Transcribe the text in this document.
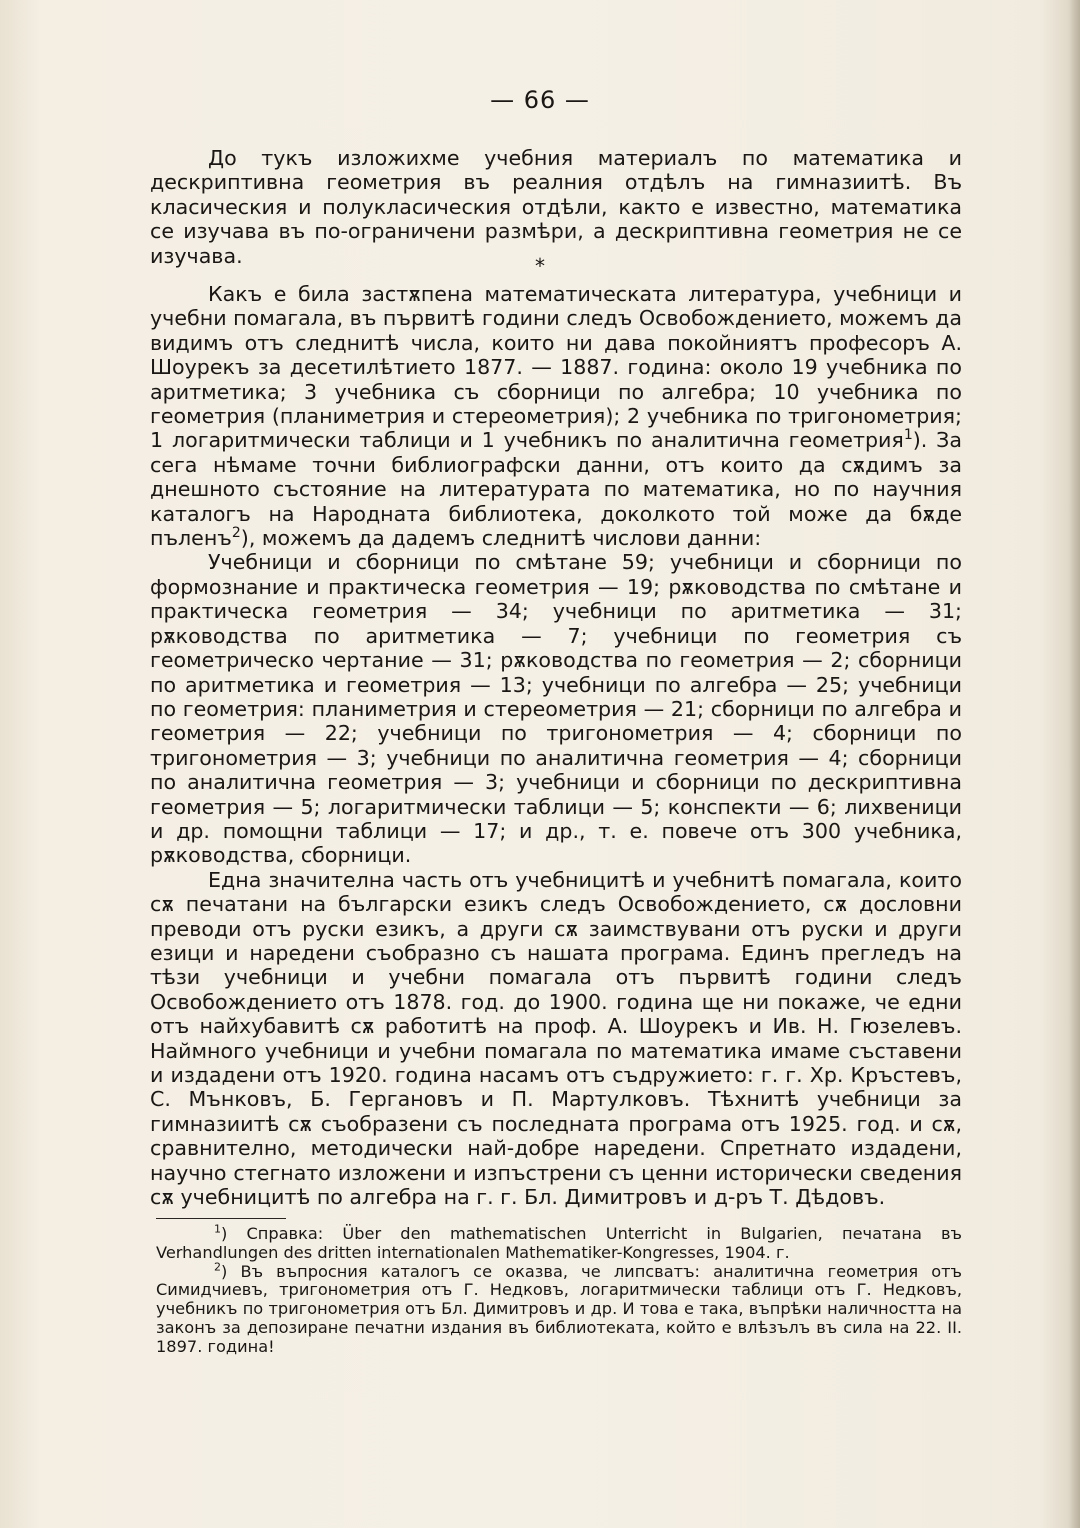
— 66 —

До тукъ изложихме учебния материалъ по математика и дескриптивна геометрия въ реалния отдѣлъ на гимназиитѣ. Въ класическия и полукласическия отдѣли, както е известно, математика се изучава въ по-ограничени размѣри, а дескриптивна геометрия не се изучава.	*

Какъ е била застѫпена математическата литература, учебници и учебни помагала, въ първитѣ години следъ Освобождението, можемъ да видимъ отъ следнитѣ числа, които ни дава покойниятъ професоръ А. Шоурекъ за десетилѣтието 1877. — 1887. година: около 19 учебника по аритметика; 3 учебника съ сборници по алгебра; 10 учебника по геометрия (планиметрия и стереометрия); 2 учебника по тригонометрия; 1 логаритмически таблици и 1 учебникъ по аналитична геометрия$^1$). За сега нѣмаме точни библиографски данни, отъ които да сѫдимъ за днешното състояние на литературата по математика, но по научния каталогъ на Народната библиотека, доколкото той може да бѫде пъленъ$^2$), можемъ да дадемъ следнитѣ числови данни:

Учебници и сборници по смѣтане 59; учебници и сборници по формознание и практическа геометрия — 19; рѫководства по смѣтане и практическа геометрия — 34; учебници по аритметика — 31; рѫководства по аритметика — 7; учебници по геометрия съ геометрическо чертание — 31; рѫководства по геометрия — 2; сборници по аритметика и геометрия — 13; учебници по алгебра — 25; учебници по геометрия: планиметрия и стереометрия — 21; сборници по алгебра и геометрия — 22; учебници по тригонометрия — 4; сборници по тригонометрия — 3; учебници по аналитична геометрия — 4; сборници по аналитична геометрия — 3; учебници и сборници по дескриптивна геометрия — 5; логаритмически таблици — 5; конспекти — 6; лихвеници и др. помощни таблици — 17; и др., т. е. повече отъ 300 учебника, рѫководства, сборници.

Една значителна часть отъ учебницитѣ и учебнитѣ помагала, които сѫ печатани на български езикъ следъ Освобождението, сѫ дословни преводи отъ руски езикъ, а други сѫ заимствувани отъ руски и други езици и наредени съобразно съ нашата програма. Единъ прегледъ на тѣзи учебници и учебни помагала отъ първитѣ години следъ Освобождението отъ 1878. год. до 1900. година ще ни покаже, че едни отъ найхубавитѣ сѫ работитѣ на проф. А. Шоурекъ и Ив. Н. Гюзелевъ. Наймного учебници и учебни помагала по математика имаме съставени и издадени отъ 1920. година насамъ отъ съдружието: г. г. Хр. Кръстевъ, С. Мънковъ, Б. Гергановъ и П. Мартулковъ. Тѣхнитѣ учебници за гимназиитѣ сѫ съобразени съ последната програма отъ 1925. год. и сѫ, сравнително, методически най-добре наредени. Спретнато издадени, научно стегнато изложени и изпъстрени съ ценни исторически сведения сѫ учебницитѣ по алгебра на г. г. Бл. Димитровъ и д-ръ Т. Дѣдовъ.

$^1$) Справка: Über den mathematischen Unterricht in Bulgarien, печатана въ Verhandlungen des dritten internationalen Mathematiker-Kongresses, 1904. г.

$^2$) Въ въпросния каталогъ се оказва, че липсватъ: аналитична геометрия отъ Симидчиевъ, тригонометрия отъ Г. Недковъ, логаритмически таблици отъ Г. Недковъ, учебникъ по тригонометрия отъ Бл. Димитровъ и др. И това е така, въпрѣки наличността на законъ за депозиране печатни издания въ библиотеката, който е влѣзълъ въ сила на 22. II. 1897. година!
